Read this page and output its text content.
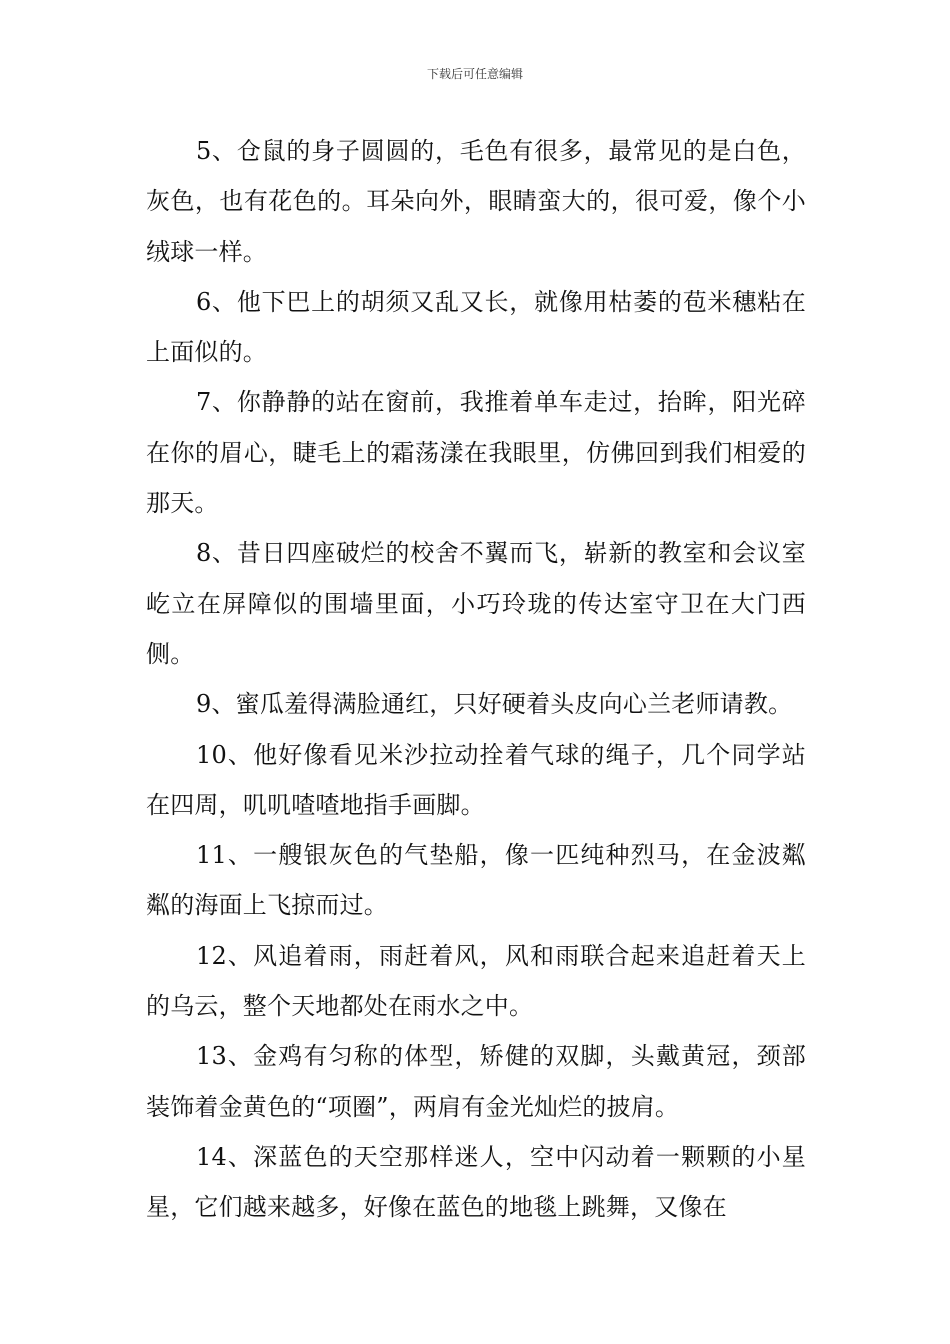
下载后可任意编辑

5、仓鼠的身子圆圆的，毛色有很多，最常见的是白色，灰色，也有花色的。耳朵向外，眼睛蛮大的，很可爱，像个小绒球一样。

6、他下巴上的胡须又乱又长，就像用枯萎的苞米穗粘在上面似的。

7、你静静的站在窗前，我推着单车走过，抬眸，阳光碎在你的眉心，睫毛上的霜荡漾在我眼里，仿佛回到我们相爱的那天。

8、昔日四座破烂的校舍不翼而飞，崭新的教室和会议室屹立在屏障似的围墙里面，小巧玲珑的传达室守卫在大门西侧。

9、蜜瓜羞得满脸通红，只好硬着头皮向心兰老师请教。

10、他好像看见米沙拉动拴着气球的绳子，几个同学站在四周，叽叽喳喳地指手画脚。

11、一艘银灰色的气垫船，像一匹纯种烈马，在金波粼粼的海面上飞掠而过。

12、风追着雨，雨赶着风，风和雨联合起来追赶着天上的乌云，整个天地都处在雨水之中。

13、金鸡有匀称的体型，矫健的双脚，头戴黄冠，颈部装饰着金黄色的“项圈”，两肩有金光灿烂的披肩。

14、深蓝色的天空那样迷人，空中闪动着一颗颗的小星星，它们越来越多，好像在蓝色的地毯上跳舞，又像在
